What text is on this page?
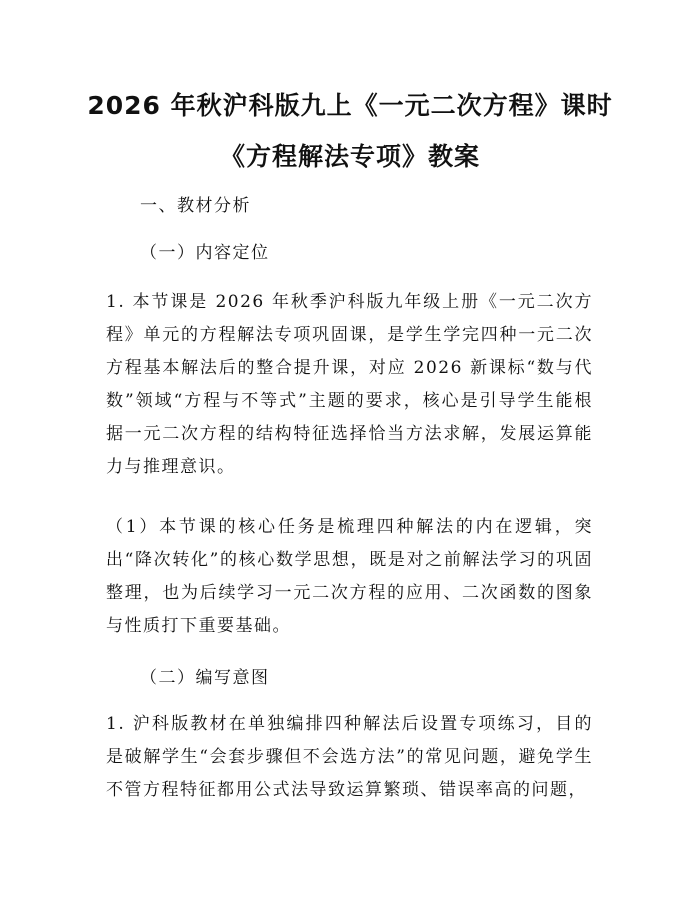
2026 年秋沪科版九上《一元二次方程》课时
《方程解法专项》教案
一、教材分析
（一）内容定位
1. 本节课是 2026 年秋季沪科版九年级上册《一元二次方程》单元的方程解法专项巩固课，是学生学完四种一元二次方程基本解法后的整合提升课，对应 2026 新课标“数与代数”领域“方程与不等式”主题的要求，核心是引导学生能根据一元二次方程的结构特征选择恰当方法求解，发展运算能力与推理意识。
（1）本节课的核心任务是梳理四种解法的内在逻辑，突出“降次转化”的核心数学思想，既是对之前解法学习的巩固整理，也为后续学习一元二次方程的应用、二次函数的图象与性质打下重要基础。
（二）编写意图
1. 沪科版教材在单独编排四种解法后设置专项练习，目的是破解学生“会套步骤但不会选方法”的常见问题，避免学生不管方程特征都用公式法导致运算繁琐、错误率高的问题，
